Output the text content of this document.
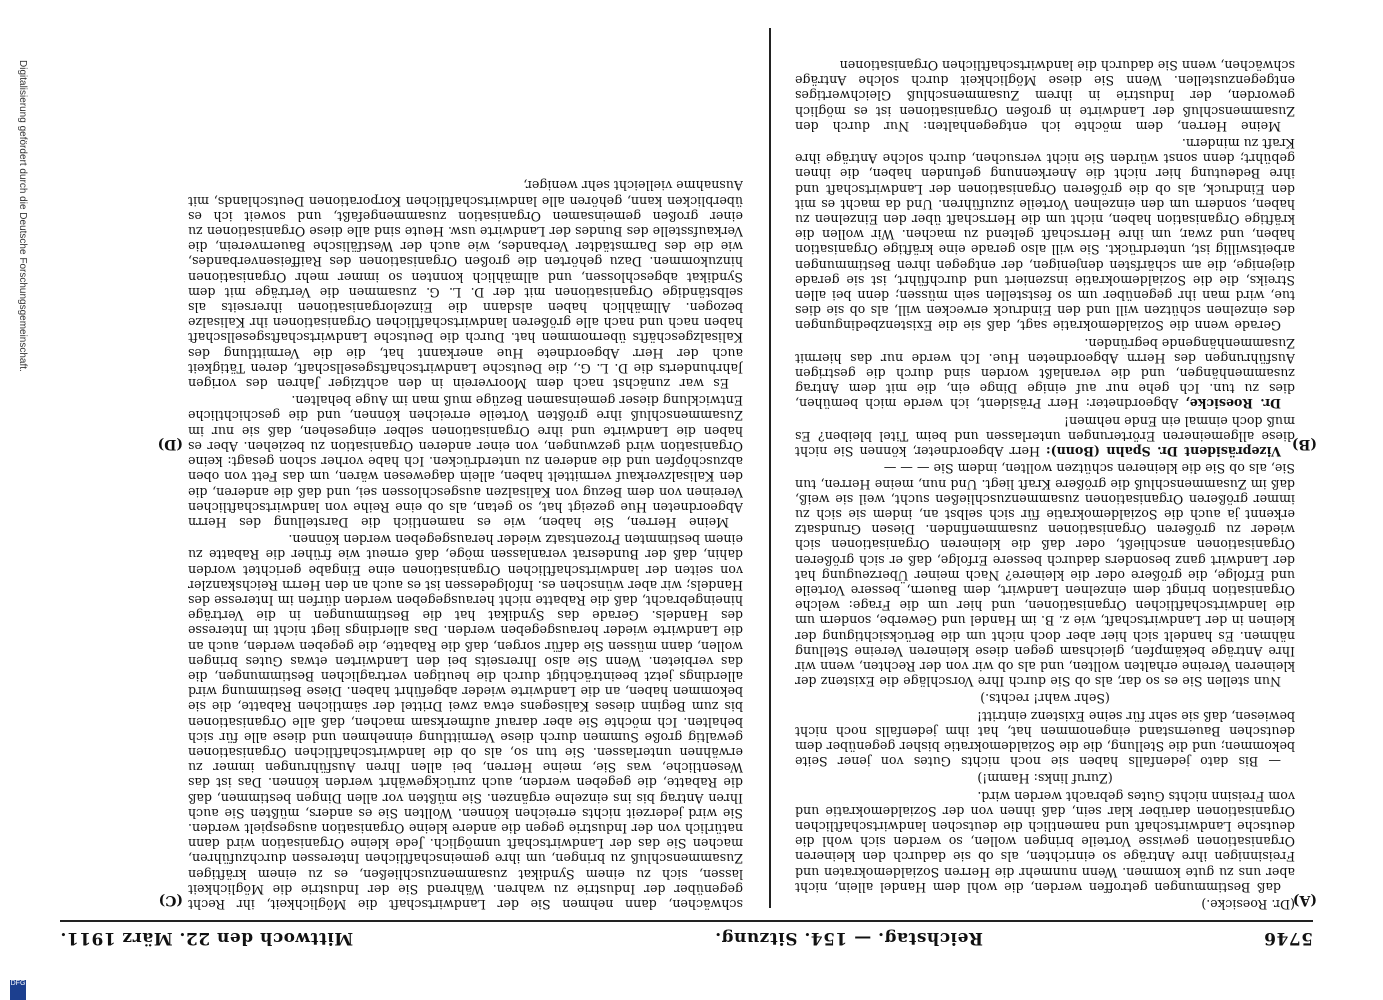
5746
Reichstag. — 154. Sitzung.
Mittwoch den 22. März 1911.
(A)
(B)
(C)
(D)

(Dr. Roesicke.)

daß Bestimmungen getroffen werden, die wohl dem Handel allein, nicht aber uns zu gute kommen. Wenn nunmehr die Herren Sozialdemokraten und Freisinnigen ihre Anträge so einrichten, als ob sie dadurch den kleineren Organisationen gewisse Vorteile bringen wollen, so werden sich wohl die deutsche Landwirtschaft und namentlich die deutschen landwirtschaftlichen Organisationen darüber klar sein, daß ihnen von der Sozialdemokratie und vom Freisinn nichts Gutes gebracht werden wird.

(Zuruf links: Hamm!)

— Bis dato jedenfalls haben sie noch nichts Gutes von jener Seite bekommen; und die Stellung, die die Sozialdemokratie bisher gegenüber dem deutschen Bauernstand eingenommen hat, hat ihm jedenfalls noch nicht bewiesen, daß sie sehr für seine Existenz eintritt!

(Sehr wahr! rechts.)

Nun stellen Sie es so dar, als ob Sie durch Ihre Vorschläge die Existenz der kleineren Vereine erhalten wollten, und als ob wir von der Rechten, wenn wir Ihre Anträge bekämpfen, gleichsam gegen diese kleineren Vereine Stellung nähmen. Es handelt sich hier aber doch nicht um die Berücksichtigung der kleinen in der Landwirtschaft, wie z. B. im Handel und Gewerbe, sondern um die landwirtschaftlichen Organisationen, und hier um die Frage: welche Organisation bringt dem einzelnen Landwirt, dem Bauern, bessere Vorteile und Erfolge, die größere oder die kleinere? Nach meiner Überzeugung hat der Landwirt ganz besonders dadurch bessere Erfolge, daß er sich größeren Organisationen anschließt, oder daß die kleineren Organisationen sich wieder zu größeren Organisationen zusammenfinden. Diesen Grundsatz erkennt ja auch die Sozialdemokratie für sich selbst an, indem sie sich zu immer größeren Organisationen zusammenzuschließen sucht, weil sie weiß, daß im Zusammenschluß die größere Kraft liegt. Und nun, meine Herren, tun Sie, als ob Sie die kleineren schützen wollten, indem Sie — — —

Vizepräsident Dr. Spahn (Bonn): Herr Abgeordneter, können Sie nicht diese allgemeineren Erörterungen unterlassen und beim Titel bleiben? Es muß doch einmal ein Ende nehmen!

Dr. Roesicke, Abgeordneter: Herr Präsident, ich werde mich bemühen, dies zu tun. Ich gehe nur auf einige Dinge ein, die mit dem Antrag zusammenhängen, und die veranlaßt worden sind durch die gestrigen Ausführungen des Herrn Abgeordneten Hue. Ich werde nur das hiermit Zusammenhängende begründen.

Gerade wenn die Sozialdemokratie sagt, daß sie die Existenzbedingungen des einzelnen schützen will und den Eindruck erwecken will, als ob sie dies tue, wird man ihr gegenüber um so feststellen sein müssen; denn bei allen Streiks, die die Sozialdemokratie inszeniert und durchführt, ist sie gerade diejenige, die am schärfsten denjenigen, der entgegen ihren Bestimmungen arbeitswillig ist, unterdrückt. Sie will also gerade eine kräftige Organisation haben, und zwar, um ihre Herrschaft geltend zu machen. Wir wollen die kräftige Organisation haben, nicht um die Herrschaft über den Einzelnen zu haben, sondern um den einzelnen Vorteile zuzuführen. Und da macht es mit den Eindruck, als ob die größeren Organisationen der Landwirtschaft und ihre Bedeutung hier nicht die Anerkennung gefunden haben, die ihnen gebührt; denn sonst würden Sie nicht versuchen, durch solche Anträge ihre Kraft zu mindern.

Meine Herren, dem möchte ich entgegenhalten: Nur durch den Zusammenschluß der Landwirte in großen Organisationen ist es möglich geworden, der Industrie in ihrem Zusammenschluß Gleichwertiges entgegenzustellen. Wenn Sie diese Möglichkeit durch solche Anträge schwächen, wenn Sie dadurch die landwirtschaftlichen Organisationen

schwächen, dann nehmen Sie der Landwirtschaft die Möglichkeit, ihr Recht gegenüber der Industrie zu wahren. Während Sie der Industrie die Möglichkeit lassen, sich zu einem Syndikat zusammenzuschließen, es zu einem kräftigen Zusammenschluß zu bringen, um ihre gemeinschaftlichen Interessen durchzuführen, machen Sie das der Landwirtschaft unmöglich. Jede kleine Organisation wird dann natürlich von der Industrie gegen die andere kleine Organisation ausgespielt werden. Sie wird jederzeit nichts erreichen können. Wollten Sie es anders, müßten Sie auch Ihren Antrag bis ins einzelne ergänzen. Sie müßten vor allen Dingen bestimmen, daß die Rabatte, die gegeben werden, auch zurückgewährt werden können. Das ist das Wesentliche, was Sie, meine Herren, bei allen Ihren Ausführungen immer zu erwähnen unterlassen. Sie tun so, als ob die landwirtschaftlichen Organisationen gewaltig große Summen durch diese Vermittlung einnehmen und diese alle für sich behalten. Ich möchte Sie aber darauf aufmerksam machen, daß alle Organisationen bis zum Beginn dieses Kalisegens etwa zwei Drittel der sämtlichen Rabatte, die sie bekommen haben, an die Landwirte wieder abgeführt haben. Diese Bestimmung wird allerdings jetzt beeinträchtigt durch die heutigen vertraglichen Bestimmungen, die das verbieten. Wenn Sie also Ihrerseits bei den Landwirten etwas Gutes bringen wollen, dann müssen Sie dafür sorgen, daß die Rabatte, die gegeben werden, auch an die Landwirte wieder herausgegeben werden. Das allerdings liegt nicht im Interesse des Handels. Gerade das Syndikat hat die Bestimmungen in die Verträge hineingebracht, daß die Rabatte nicht herausgegeben werden dürfen im Interesse des Handels; wir aber wünschen es. Infolgedessen ist es auch an den Herrn Reichskanzler von seiten der landwirtschaftlichen Organisationen eine Eingabe gerichtet worden dahin, daß der Bundesrat veranlassen möge, daß erneut wie früher die Rabatte zu einem bestimmten Prozentsatz wieder herausgegeben werden können.

Meine Herren, Sie haben, wie es namentlich die Darstellung des Herrn Abgeordneten Hue gezeigt hat, so getan, als ob eine Reihe von landwirtschaftlichen Vereinen von dem Bezug von Kalisalzen ausgeschlossen sei, und daß die anderen, die den Kalisalzverkauf vermittelt haben, allein dagewesen wären, um das Fett von oben abzuschöpfen und die anderen zu unterdrücken. Ich habe vorher schon gesagt: keine Organisation wird gezwungen, von einer anderen Organisation zu beziehen. Aber es haben die Landwirte und ihre Organisationen selber eingesehen, daß sie nur im Zusammenschluß ihre größten Vorteile erreichen können, und die geschichtliche Entwicklung dieser gemeinsamen Bezüge muß man im Auge behalten.

Es war zunächst nach dem Moorverein in den achtziger Jahren des vorigen Jahrhunderts die D. L. G., die Deutsche Landwirtschaftsgesellschaft, deren Tätigkeit auch der Herr Abgeordnete Hue anerkannt hat, die die Vermittlung des Kalisalzgeschäfts übernommen hat. Durch die Deutsche Landwirtschaftsgesellschaft haben nach und nach alle größeren landwirtschaftlichen Organisationen ihr Kalisalze bezogen. Allmählich haben alsdann die Einzelorganisationen ihrerseits als selbständige Organisationen mit der D. L. G. zusammen die Verträge mit dem Syndikat abgeschlossen, und allmählich konnten so immer mehr Organisationen hinzukommen. Dazu gehörten die großen Organisationen des Raiffeisenverbandes, wie die des Darmstädter Verbandes, wie auch der Westfälische Bauernverein, die Verkaufsstelle des Bundes der Landwirte usw. Heute sind alle diese Organisationen zu einer großen gemeinsamen Organisation zusammengefaßt, und soweit ich es überblicken kann, gehören alle landwirtschaftlichen Korporationen Deutschlands, mit Ausnahme vielleicht sehr weniger,

Digitalisierung gefördert durch die Deutsche Forschungsgemeinschaft.
DFG
